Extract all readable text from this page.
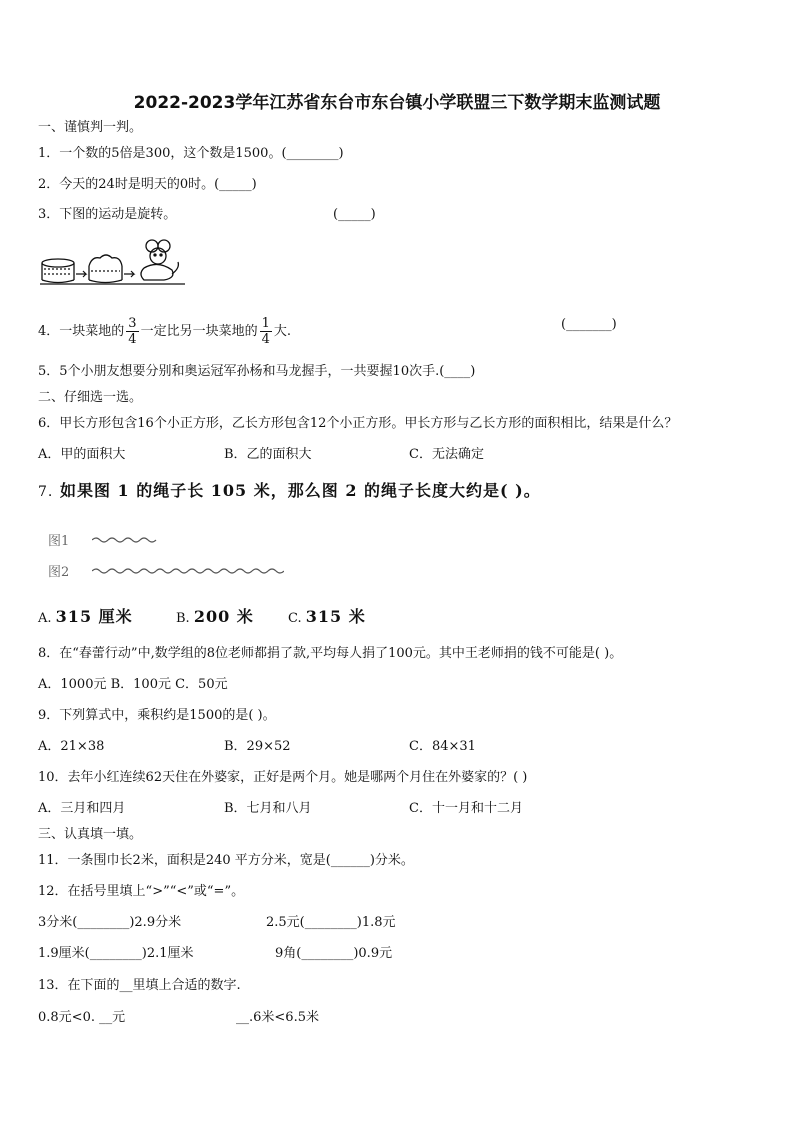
2022-2023学年江苏省东台市东台镇小学联盟三下数学期末监测试题
一、谨慎判一判。
1．一个数的5倍是300，这个数是1500。(________)
2．今天的24时是明天的0时。(_____)
3．下图的运动是旋转。	(_____)
4．一块菜地的 $\frac{3}{4}$ 一定比另一块菜地的 $\frac{1}{4}$ 大.	(_______)
5．5个小朋友想要分别和奥运冠军孙杨和马龙握手，一共要握10次手.(____)
二、仔细选一选。
6．甲长方形包含16个小正方形，乙长方形包含12个小正方形。甲长方形与乙长方形的面积相比，结果是什么？
A．甲的面积大	B．乙的面积大	C．无法确定
7. 如果图 1 的绳子长 105 米，那么图 2 的绳子长度大约是( )。
图1
图2
A. 315 厘米	B. 200 米	C. 315 米
8．在“春蕾行动”中,数学组的8位老师都捐了款,平均每人捐了100元。其中王老师捐的钱不可能是( )。
A．1000元 B．100元 C．50元
9．下列算式中，乘积约是1500的是( )。
A．21×38	B．29×52	C．84×31
10．去年小红连续62天住在外婆家，正好是两个月。她是哪两个月住在外婆家的？( )
A．三月和四月	B．七月和八月	C．十一月和十二月
三、认真填一填。
11．一条围巾长2米，面积是240 平方分米，宽是(______)分米。
12．在括号里填上“>”“<”或“=”。
3分米(________)2.9分米	2.5元(________)1.8元
1.9厘米(________)2.1厘米	9角(________)0.9元
13．在下面的__里填上合适的数字.
0.8元<0. __元	__.6米<6.5米
